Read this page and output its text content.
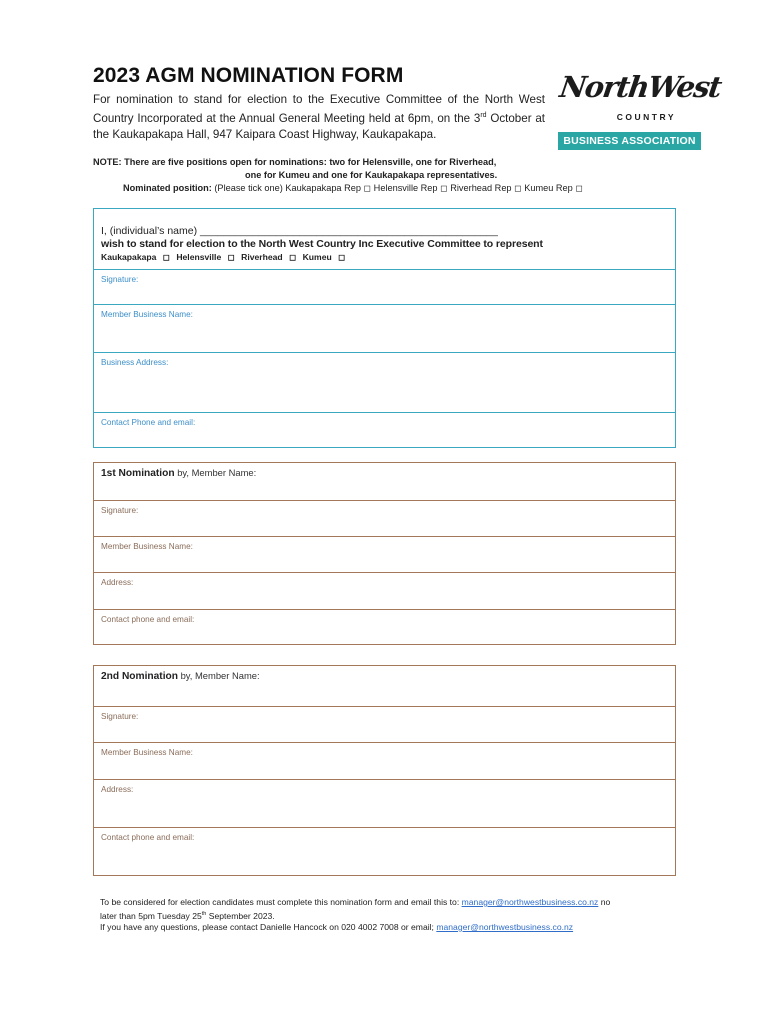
2023 AGM NOMINATION FORM
For nomination to stand for election to the Executive Committee of the North West Country Incorporated at the Annual General Meeting held at 6pm, on the 3rd October at the Kaukapakapa Hall, 947 Kaipara Coast Highway, Kaukapakapa.
NorthWest
COUNTRY
BUSINESS ASSOCIATION
NOTE: There are five positions open for nominations: two for Helensville, one for Riverhead,
one for Kumeu and one for Kaukapakapa representatives.
Nominated position: (Please tick one) Kaukapakapa Rep ◻ Helensville Rep ◻ Riverhead Rep ◻ Kumeu Rep ◻
I, (individual’s name) ___________________________________________________
wish to stand for election to the North West Country Inc Executive Committee to represent
Kaukapakapa ◻ Helensville ◻ Riverhead ◻ Kumeu ◻
Signature:
Member Business Name:
Business Address:
Contact Phone and email:
1st Nomination by, Member Name:
Signature:
Member Business Name:
Address:
Contact phone and email:
2nd Nomination by, Member Name:
Signature:
Member Business Name:
Address:
Contact phone and email:
To be considered for election candidates must complete this nomination form and email this to: manager@northwestbusiness.co.nz no
later than 5pm Tuesday 25th September 2023.
If you have any questions, please contact Danielle Hancock on 020 4002 7008 or email; manager@northwestbusiness.co.nz
